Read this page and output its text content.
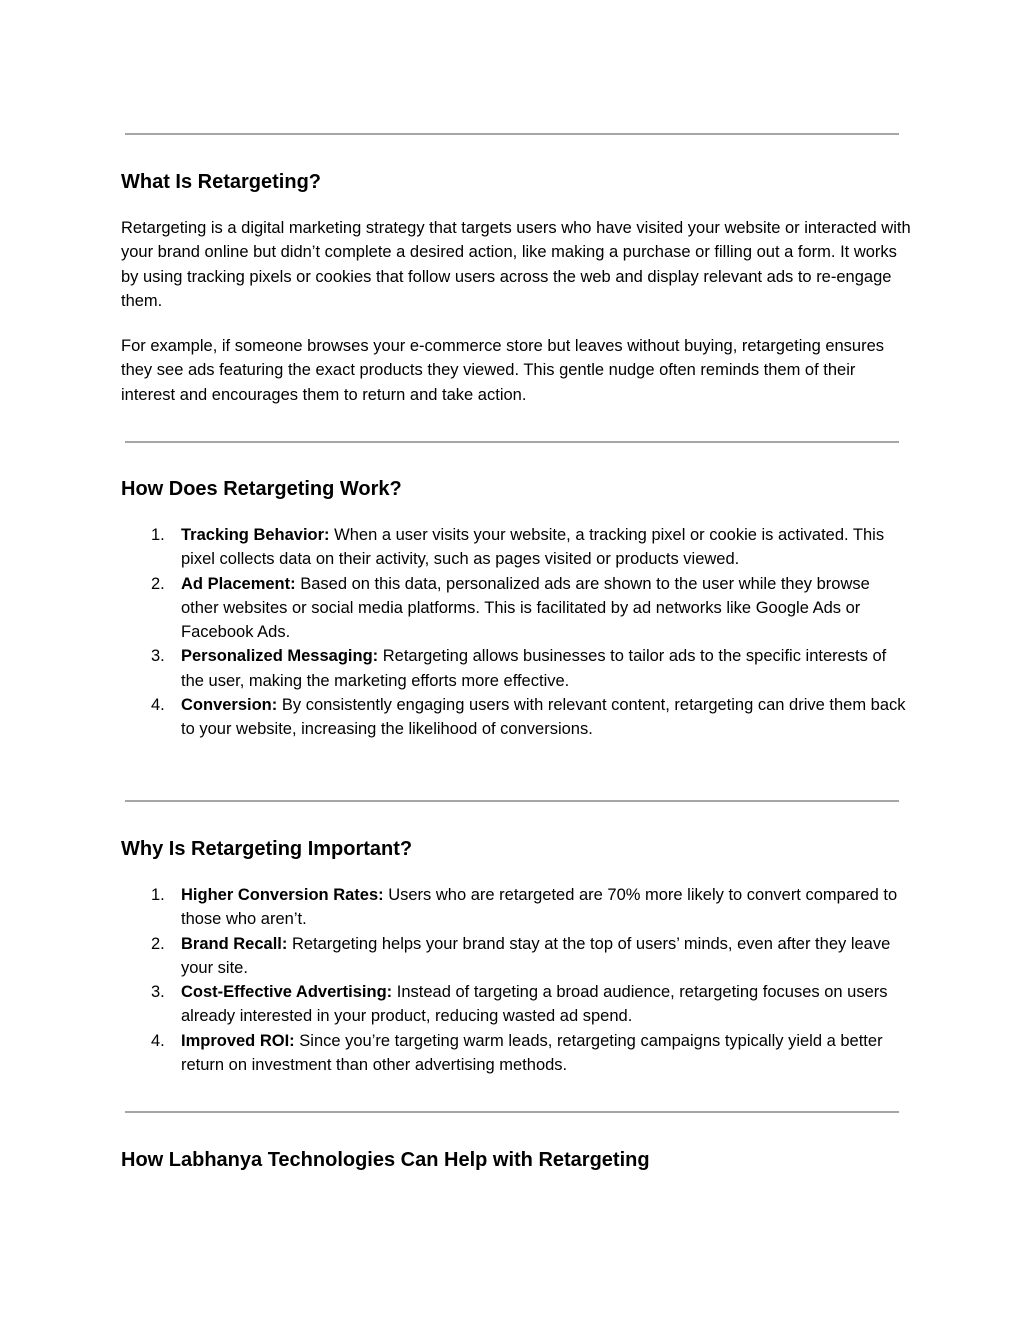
What Is Retargeting?

Retargeting is a digital marketing strategy that targets users who have visited your website or interacted with your brand online but didn’t complete a desired action, like making a purchase or filling out a form. It works by using tracking pixels or cookies that follow users across the web and display relevant ads to re-engage them.

For example, if someone browses your e-commerce store but leaves without buying, retargeting ensures they see ads featuring the exact products they viewed. This gentle nudge often reminds them of their interest and encourages them to return and take action.

How Does Retargeting Work?
1. Tracking Behavior: When a user visits your website, a tracking pixel or cookie is activated. This pixel collects data on their activity, such as pages visited or products viewed.
2. Ad Placement: Based on this data, personalized ads are shown to the user while they browse other websites or social media platforms. This is facilitated by ad networks like Google Ads or Facebook Ads.
3. Personalized Messaging: Retargeting allows businesses to tailor ads to the specific interests of the user, making the marketing efforts more effective.
4. Conversion: By consistently engaging users with relevant content, retargeting can drive them back to your website, increasing the likelihood of conversions.
Why Is Retargeting Important?
1. Higher Conversion Rates: Users who are retargeted are 70% more likely to convert compared to those who aren’t.
2. Brand Recall: Retargeting helps your brand stay at the top of users’ minds, even after they leave your site.
3. Cost-Effective Advertising: Instead of targeting a broad audience, retargeting focuses on users already interested in your product, reducing wasted ad spend.
4. Improved ROI: Since you’re targeting warm leads, retargeting campaigns typically yield a better return on investment than other advertising methods.
How Labhanya Technologies Can Help with Retargeting
